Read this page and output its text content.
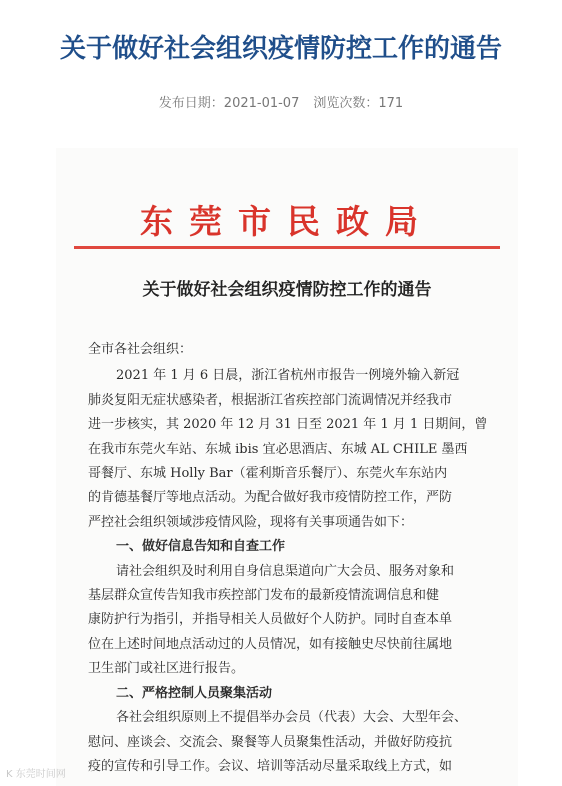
关于做好社会组织疫情防控工作的通告
发布日期：2021-01-07 浏览次数：171
东莞市民政局
关于做好社会组织疫情防控工作的通告

全市各社会组织：

2021 年 1 月 6 日晨，浙江省杭州市报告一例境外输入新冠

肺炎复阳无症状感染者，根据浙江省疾控部门流调情况并经我市

进一步核实，其 2020 年 12 月 31 日至 2021 年 1 月 1 日期间，曾

在我市东莞火车站、东城 ibis 宜必思酒店、东城 AL CHILE 墨西

哥餐厅、东城 Holly Bar（霍利斯音乐餐厅）、东莞火车东站内

的肯德基餐厅等地点活动。为配合做好我市疫情防控工作，严防

严控社会组织领域涉疫情风险，现将有关事项通告如下：

一、做好信息告知和自查工作

请社会组织及时利用自身信息渠道向广大会员、服务对象和

基层群众宣传告知我市疾控部门发布的最新疫情流调信息和健

康防护行为指引，并指导相关人员做好个人防护。同时自查本单

位在上述时间地点活动过的人员情况，如有接触史尽快前往属地

卫生部门或社区进行报告。

二、严格控制人员聚集活动

各社会组织原则上不提倡举办会员（代表）大会、大型年会、

慰问、座谈会、交流会、聚餐等人员聚集性活动，并做好防疫抗

疫的宣传和引导工作。会议、培训等活动尽量采取线上方式，如

K 东莞时间网
